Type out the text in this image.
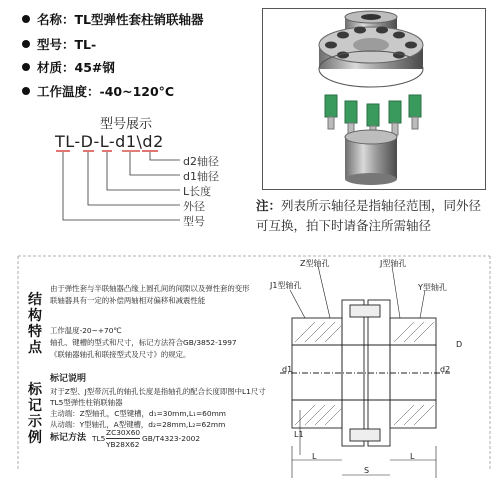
名称：TL型弹性套柱销联轴器
型号：TL-
材质：45#钢
工作温度：-40~120°C
型号展示
TL-D-L-d1\d2
d2轴径
d1轴径
L长度
外径
型号
注：列表所示轴径是指轴径范围，同外径可互换，拍下时请备注所需轴径
结构特点
由于弹性套与半联轴器凸缘上圆孔间的间隙以及弹性套的变形
联轴器具有一定的补偿两轴相对偏移和减震性能
工作温度-20~+70℃
轴孔、键槽的型式和尺寸，标记方法符合GB/3852-1997
《联轴器轴孔和联接型式及尺寸》的规定。
标记示例
标记说明
对于Z型、J型带沉孔的轴孔长度是指轴孔的配合长度即图中L1尺寸
TL5型弹性柱销联轴器
主动端：Z型轴孔，C型键槽，d₁=30mm,L₁=60mm
从动端：Y型轴孔，A型键槽，d₂=28mm,L₂=62mm
标记方法 TL5
ZC30X60
YB28X62
GB/T4323-2002
Z型轴孔	J型轴孔
J1型轴孔	Y型轴孔
L1
L	L
S
d1	d2
D
